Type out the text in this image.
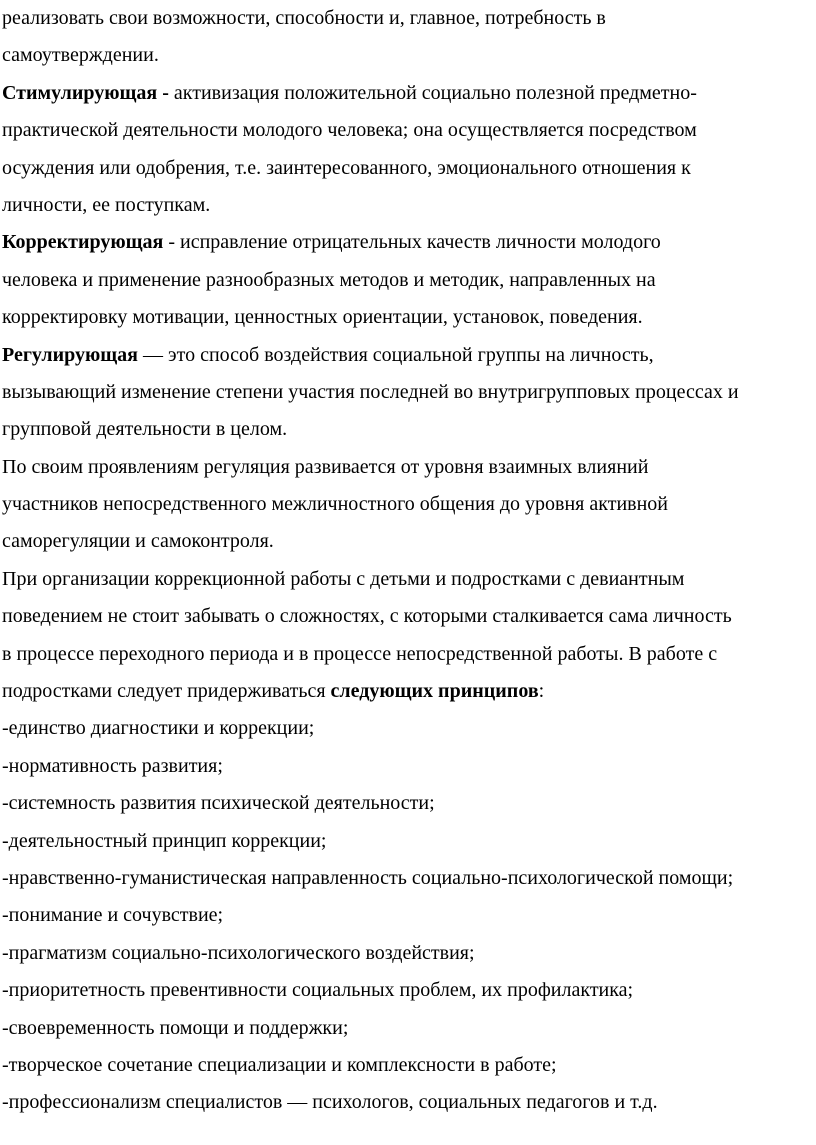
реализовать свои возможности, способности и, главное, потребность в
самоутверждении.
Стимулирующая - активизация положительной социально полезной предметно-
практической деятельности молодого человека; она осуществляется посредством
осуждения или одобрения, т.е. заинтересованного, эмоционального отношения к
личности, ее поступкам.
Корректирующая - исправление отрицательных качеств личности молодого
человека и применение разнообразных методов и методик, направленных на
корректировку мотивации, ценностных ориентации, установок, поведения.
Регулирующая — это способ воздействия социальной группы на личность,
вызывающий изменение степени участия последней во внутригрупповых процессах и
групповой деятельности в целом.
По своим проявлениям регуляция развивается от уровня взаимных влияний
участников непосредственного межличностного общения до уровня активной
саморегуляции и самоконтроля.
При организации коррекционной работы с детьми и подростками с девиантным
поведением не стоит забывать о сложностях, с которыми сталкивается сама личность
в процессе переходного периода и в процессе непосредственной работы. В работе с
подростками следует придерживаться следующих принципов:
-единство диагностики и коррекции;
-нормативность развития;
-системность развития психической деятельности;
-деятельностный принцип коррекции;
-нравственно-гуманистическая направленность социально-психологической помощи;
-понимание и сочувствие;
-прагматизм социально-психологического воздействия;
-приоритетность превентивности социальных проблем, их профилактика;
-своевременность помощи и поддержки;
-творческое сочетание специализации и комплексности в работе;
-профессионализм специалистов — психологов, социальных педагогов и т.д.
